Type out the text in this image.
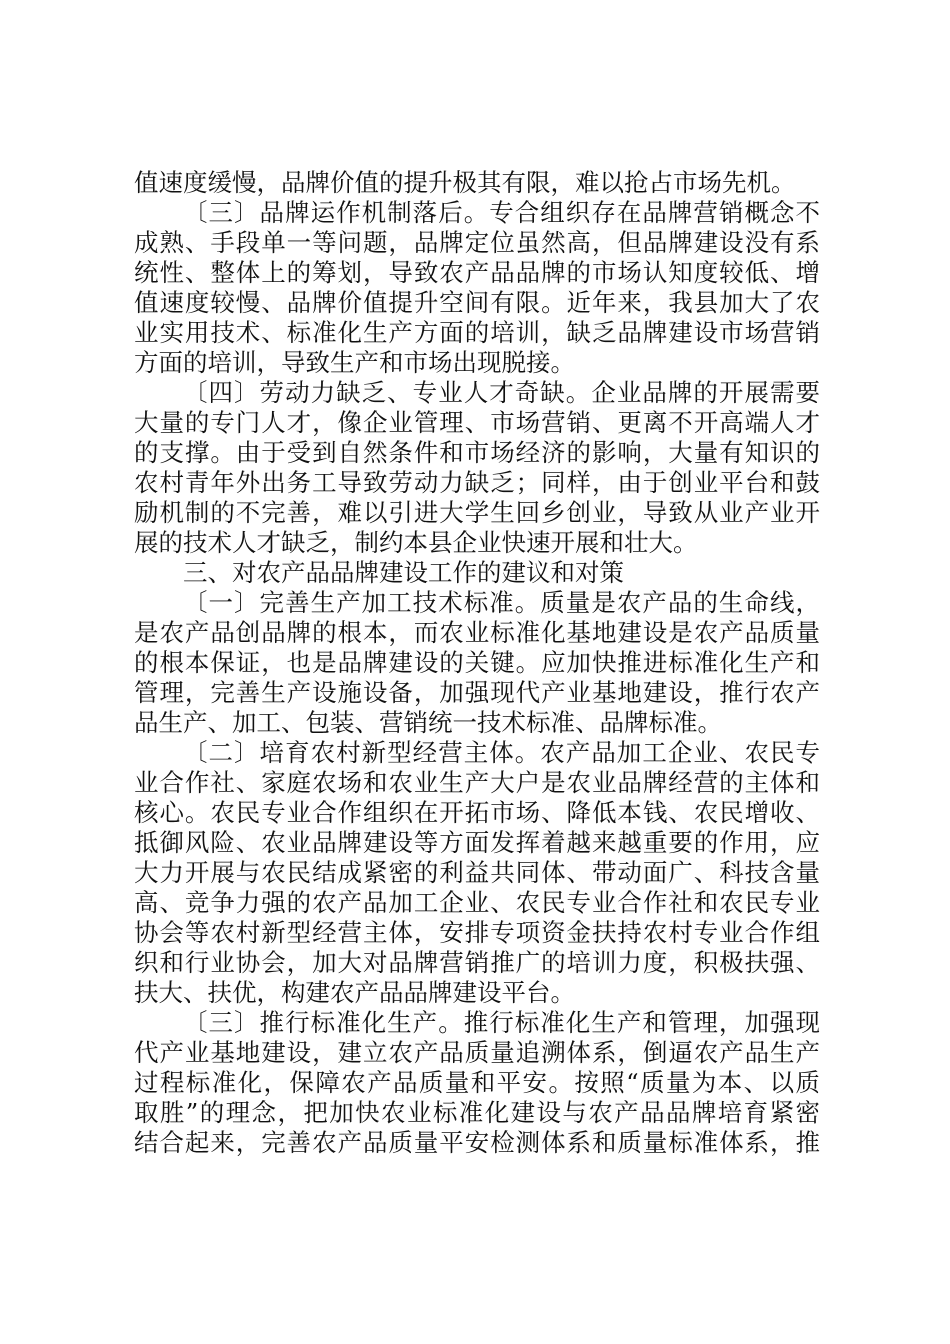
值速度缓慢，品牌价值的提升极其有限，难以抢占市场先机。
〔三〕品牌运作机制落后。专合组织存在品牌营销概念不
成熟、手段单一等问题，品牌定位虽然高，但品牌建设没有系
统性、整体上的筹划，导致农产品品牌的市场认知度较低、增
值速度较慢、品牌价值提升空间有限。近年来，我县加大了农
业实用技术、标准化生产方面的培训，缺乏品牌建设市场营销
方面的培训，导致生产和市场出现脱接。
〔四〕劳动力缺乏、专业人才奇缺。企业品牌的开展需要
大量的专门人才，像企业管理、市场营销、更离不开高端人才
的支撑。由于受到自然条件和市场经济的影响，大量有知识的
农村青年外出务工导致劳动力缺乏；同样，由于创业平台和鼓
励机制的不完善，难以引进大学生回乡创业，导致从业产业开
展的技术人才缺乏，制约本县企业快速开展和壮大。
三、对农产品品牌建设工作的建议和对策
〔一〕完善生产加工技术标准。质量是农产品的生命线，
是农产品创品牌的根本，而农业标准化基地建设是农产品质量
的根本保证，也是品牌建设的关键。应加快推进标准化生产和
管理，完善生产设施设备，加强现代产业基地建设，推行农产
品生产、加工、包装、营销统一技术标准、品牌标准。
〔二〕培育农村新型经营主体。农产品加工企业、农民专
业合作社、家庭农场和农业生产大户是农业品牌经营的主体和
核心。农民专业合作组织在开拓市场、降低本钱、农民增收、
抵御风险、农业品牌建设等方面发挥着越来越重要的作用，应
大力开展与农民结成紧密的利益共同体、带动面广、科技含量
高、竞争力强的农产品加工企业、农民专业合作社和农民专业
协会等农村新型经营主体，安排专项资金扶持农村专业合作组
织和行业协会，加大对品牌营销推广的培训力度，积极扶强、
扶大、扶优，构建农产品品牌建设平台。
〔三〕推行标准化生产。推行标准化生产和管理，加强现
代产业基地建设，建立农产品质量追溯体系，倒逼农产品生产
过程标准化，保障农产品质量和平安。按照“质量为本、以质
取胜”的理念，把加快农业标准化建设与农产品品牌培育紧密
结合起来，完善农产品质量平安检测体系和质量标准体系，推
